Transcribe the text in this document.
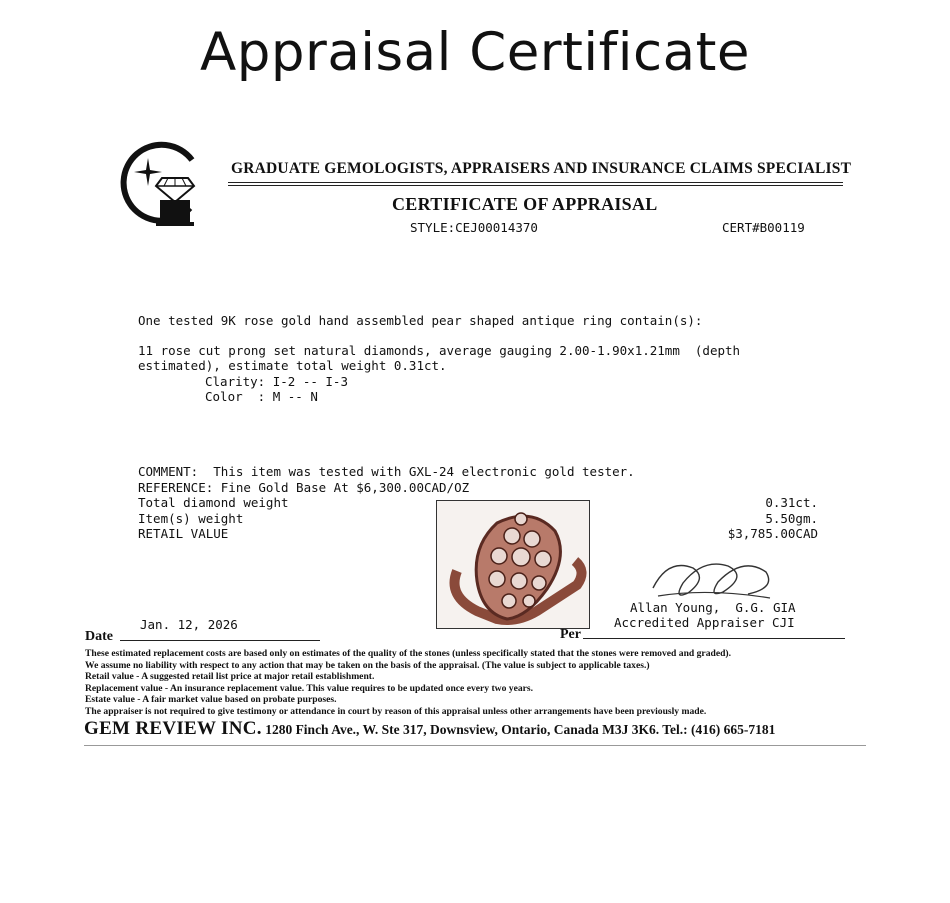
Appraisal Certificate
GRADUATE GEMOLOGISTS, APPRAISERS AND INSURANCE CLAIMS SPECIALIST
CERTIFICATE OF APPRAISAL
STYLE:CEJ00014370	CERT#B00119
One tested 9K rose gold hand assembled pear shaped antique ring contain(s):
11 rose cut prong set natural diamonds, average gauging 2.00-1.90x1.21mm  (depth
estimated), estimate total weight 0.31ct.
Clarity: I-2 -- I-3
Color  : M -- N
COMMENT:  This item was tested with GXL-24 electronic gold tester.
REFERENCE: Fine Gold Base At $6,300.00CAD/OZ
Total diamond weight	0.31ct.
Item(s) weight	5.50gm.
RETAIL VALUE	$3,785.00CAD
Allan Young,  G.G. GIA
Accredited Appraiser CJI
Jan. 12, 2026
Date	Per
These estimated replacement costs are based only on estimates of the quality of the stones (unless specifically stated that the stones were removed and graded).
We assume no liability with respect to any action that may be taken on the basis of the appraisal. (The value is subject to applicable taxes.)
Retail value - A suggested retail list price at major retail establishment.
Replacement value - An insurance replacement value. This value requires to be updated once every two years.
Estate value - A fair market value based on probate purposes.
The appraiser is not required to give testimony or attendance in court by reason of this appraisal unless other arrangements have been previously made.
GEM REVIEW INC. 1280 Finch Ave., W. Ste 317, Downsview, Ontario, Canada M3J 3K6. Tel.: (416) 665-7181
